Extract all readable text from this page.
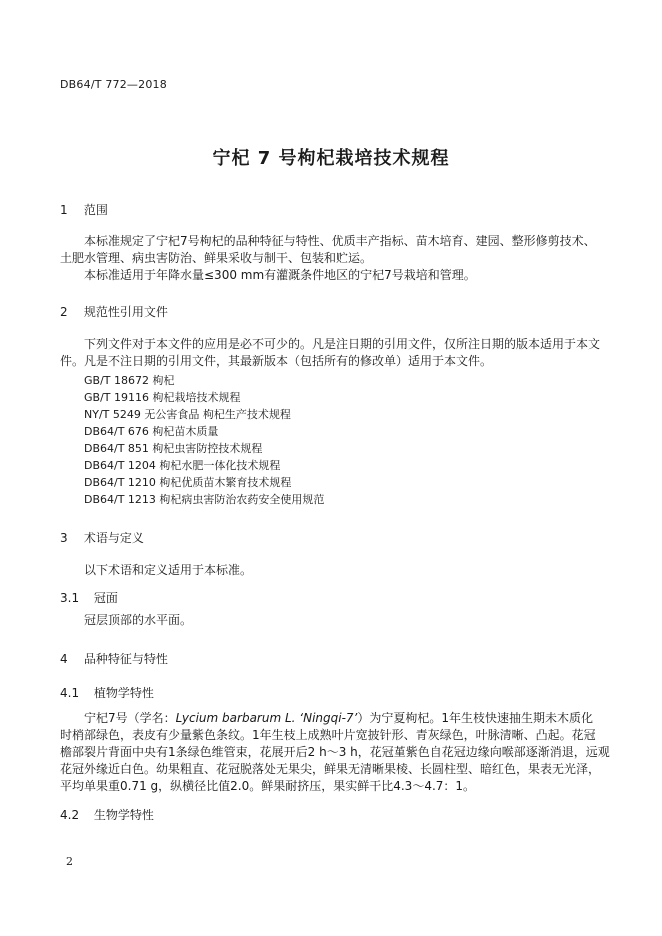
DB64/T 772—2018
宁杞 7 号枸杞栽培技术规程
1 范围
本标准规定了宁杞7号枸杞的品种特征与特性、优质丰产指标、苗木培育、建园、整形修剪技术、
土肥水管理、病虫害防治、鲜果采收与制干、包装和贮运。
本标准适用于年降水量≤300 mm有灌溉条件地区的宁杞7号栽培和管理。
2 规范性引用文件
下列文件对于本文件的应用是必不可少的。凡是注日期的引用文件，仅所注日期的版本适用于本文
件。凡是不注日期的引用文件，其最新版本（包括所有的修改单）适用于本文件。
GB/T 18672 枸杞
GB/T 19116 枸杞栽培技术规程
NY/T 5249 无公害食品 枸杞生产技术规程
DB64/T 676 枸杞苗木质量
DB64/T 851 枸杞虫害防控技术规程
DB64/T 1204 枸杞水肥一体化技术规程
DB64/T 1210 枸杞优质苗木繁育技术规程
DB64/T 1213 枸杞病虫害防治农药安全使用规范
3 术语与定义
以下术语和定义适用于本标准。
3.1 冠面
冠层顶部的水平面。
4 品种特征与特性
4.1 植物学特性
宁杞7号（学名：Lycium barbarum L. ‘Ningqi-7’）为宁夏枸杞。1年生枝快速抽生期未木质化
时梢部绿色，表皮有少量紫色条纹。1年生枝上成熟叶片宽披针形、青灰绿色，叶脉清晰、凸起。花冠
檐部裂片背面中央有1条绿色维管束，花展开后2 h～3 h，花冠堇紫色自花冠边缘向喉部逐渐消退，远观
花冠外缘近白色。幼果粗直、花冠脱落处无果尖，鲜果无清晰果棱、长圆柱型、暗红色，果表无光泽，
平均单果重0.71 g，纵横径比值2.0。鲜果耐挤压，果实鲜干比4.3～4.7：1。
4.2 生物学特性
2
